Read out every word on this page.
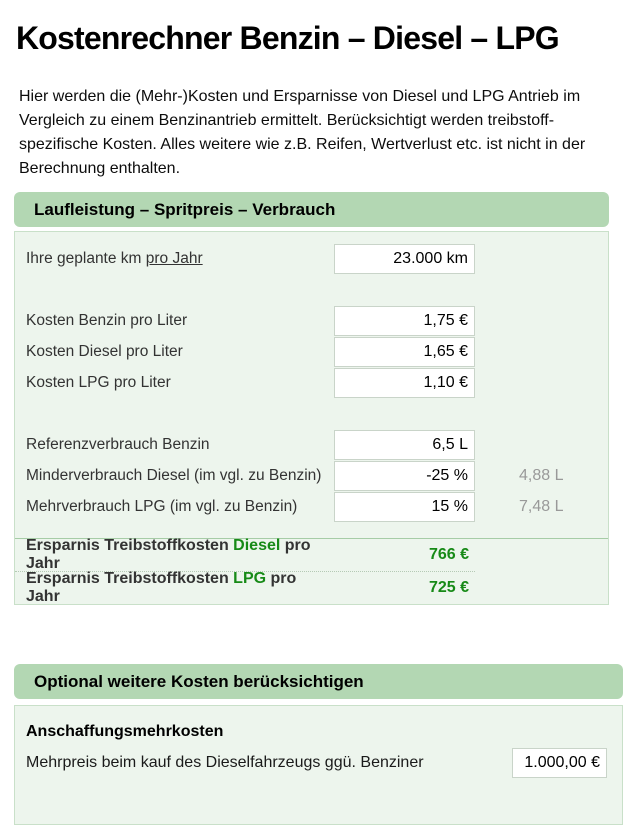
Kostenrechner Benzin – Diesel – LPG

Hier werden die (Mehr-)Kosten und Ersparnisse von Diesel und LPG Antrieb im Vergleich zu einem Benzinantrieb ermittelt. Berücksichtigt werden treibstoff-spezifische Kosten. Alles weitere wie z.B. Reifen, Wertverlust etc. ist nicht in der Berechnung enthalten.

Laufleistung – Spritpreis – Verbrauch
Ihre geplante km pro Jahr
23.000 km
Kosten Benzin pro Liter
1,75 €
Kosten Diesel pro Liter
1,65 €
Kosten LPG pro Liter
1,10 €
Referenzverbrauch Benzin
6,5 L
Minderverbrauch Diesel (im vgl. zu Benzin)
-25 %	4,88 L
Mehrverbrauch LPG (im vgl. zu Benzin)
15 %	7,48 L
Ersparnis Treibstoffkosten Diesel pro Jahr
766 €
Ersparnis Treibstoffkosten LPG pro Jahr
725 €
Optional weitere Kosten berücksichtigen
Anschaffungsmehrkosten
Mehrpreis beim kauf des Dieselfahrzeugs ggü. Benziner
1.000,00 €
